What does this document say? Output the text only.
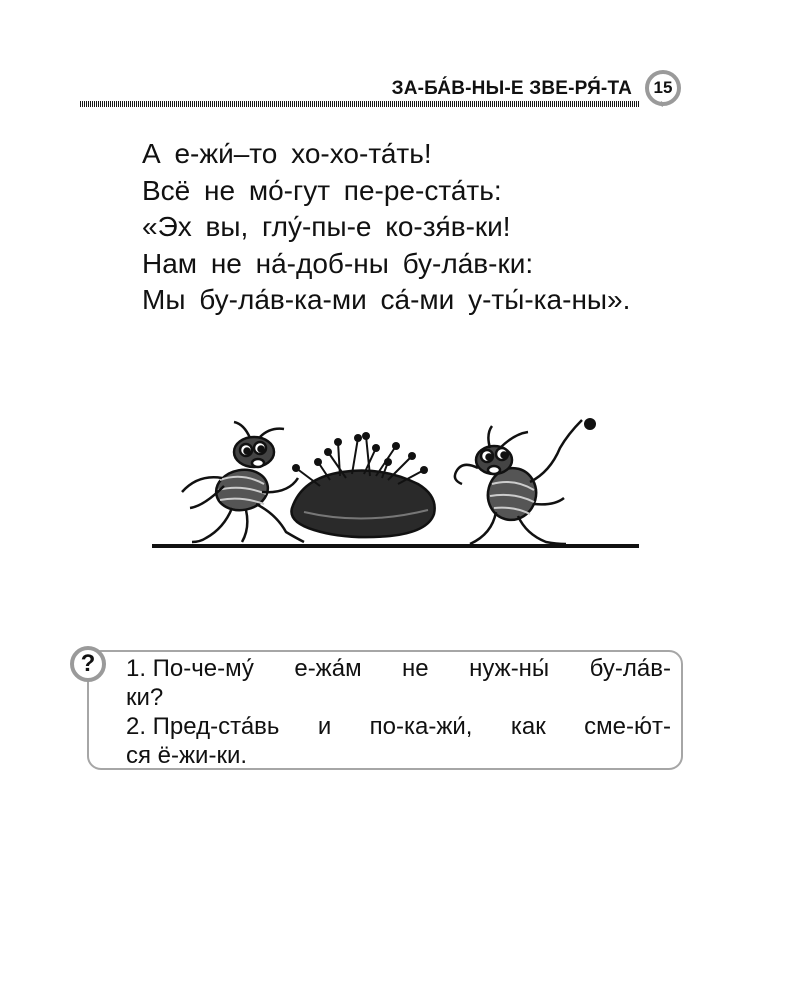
ЗА-БА́В-НЫ-Е ЗВЕ-РЯ́-ТА	15
А е-жи́–то хо-хо-та́ть!
Всё не мо́-гут пе-ре-ста́ть:
«Эх вы, глу́-пы-е ко-зя́в-ки!
Нам не на́-доб-ны бу-ла́в-ки:
Мы бу-ла́в-ка-ми са́-ми у-ты́-ка-ны».
?	1. По-че-му́ е-жа́м не нуж-ны́ бу-ла́в-
ки?
2. Пред-ста́вь и по-ка-жи́, как сме-ю́т-
ся ё-жи-ки.
